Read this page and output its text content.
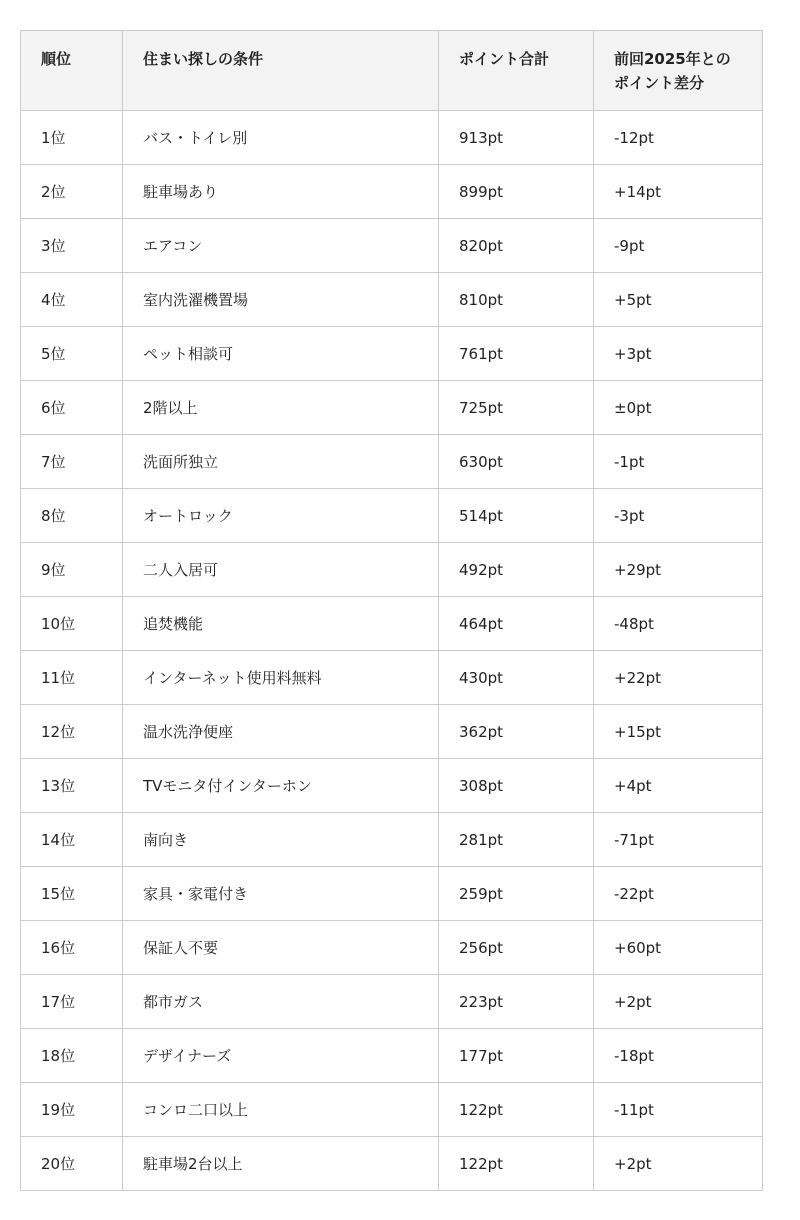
順位	住まい探しの条件	ポイント合計	前回2025年との
ポイント差分
1位	バス・トイレ別	913pt	-12pt
2位	駐車場あり	899pt	+14pt
3位	エアコン	820pt	-9pt
4位	室内洗濯機置場	810pt	+5pt
5位	ペット相談可	761pt	+3pt
6位	2階以上	725pt	±0pt
7位	洗面所独立	630pt	-1pt
8位	オートロック	514pt	-3pt
9位	二人入居可	492pt	+29pt
10位	追焚機能	464pt	-48pt
11位	インターネット使用料無料	430pt	+22pt
12位	温水洗浄便座	362pt	+15pt
13位	TVモニタ付インターホン	308pt	+4pt
14位	南向き	281pt	-71pt
15位	家具・家電付き	259pt	-22pt
16位	保証人不要	256pt	+60pt
17位	都市ガス	223pt	+2pt
18位	デザイナーズ	177pt	-18pt
19位	コンロ二口以上	122pt	-11pt
20位	駐車場2台以上	122pt	+2pt
